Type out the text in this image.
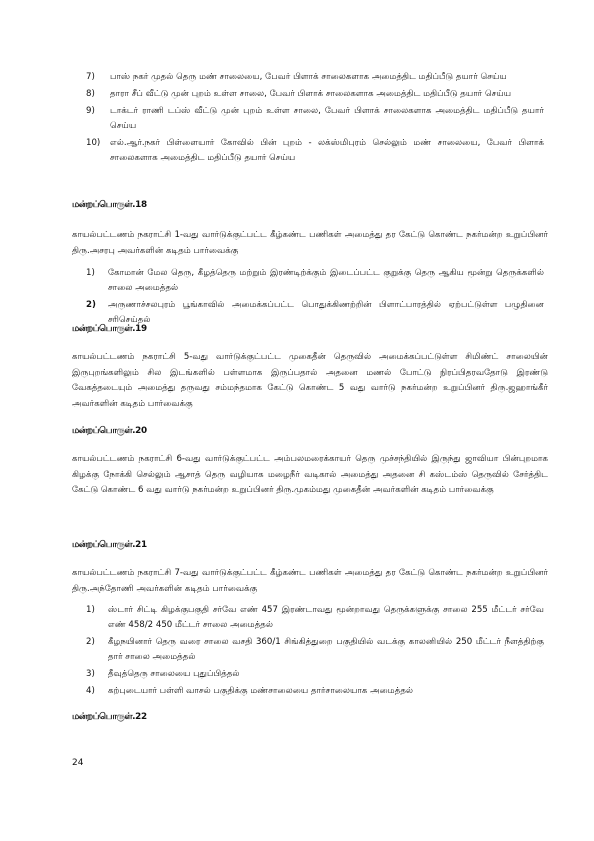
7) பாஸ் நகர் முதல் தெரு மண் சாலையை, பேவர் பிளாக் சாலைகளாக அமைத்திட மதிப்பீடு தயார் செய்ய
8) தாரா சீப் வீட்டு முன் புறம் உள்ள சாலை, பேவர் பிளாக் சாலைகளாக அமைத்திட மதிப்பீடு தயார் செய்ய
9) டாக்டர் ராணி டப்ஸ் வீட்டு முன் புறம் உள்ள சாலை, பேவர் பிளாக் சாலைகளாக அமைத்திட மதிப்பீடு தயார் செய்ய
10) எல்.ஆர்.நகர் பிள்ளையார் கோவில் பின் புறம் - லக்ஸ்மிபுரம் செல்லும் மண் சாலையை, பேவர் பிளாக் சாலைகளாக அமைத்திட மதிப்பீடு தயார் செய்ய
மன்றப்பொருள்.18

காயல்பட்டணம் நகராட்சி 1-வது வார்டுக்குட்பட்ட கீழ்கண்ட பணிகள் அமைத்து தர கேட்டு கொண்ட நகர்மன்ற உறுப்பினர் திரு.அசரபு அவர்களின் கடிதம் பார்வைக்கு

1) கோமான் மேல தெரு, கீழத்தெரு மற்றும் இரண்டிற்க்கும் இடைப்பட்ட குறுக்கு தெரு ஆகிய மூன்று தெருக்களில் சாலை அமைத்தல்
2) அருணாச்சலபுரம் பூங்காவில் அமைக்கப்பட்ட பொதுக்கிணற்றின் பிளாட்பாரத்தில் ஏற்பட்டுள்ள பழுதினை சரிசெய்தல்
மன்றப்பொருள்.19

காயல்பட்டணம் நகராட்சி 5-வது வார்டுக்குட்பட்ட முகைதீன் தெருவில் அமைக்கப்பட்டுள்ள சிமிண்ட் சாலையின் இருபுறங்களிலும் சில இடங்களில் பள்ளமாக இருப்பதால் அதனை மணல் போட்டு நிரப்பிதரவதோடு இரண்டு வேகத்தடையும் அமைத்து தருவது சம்மந்தமாக கேட்டு கொண்ட 5 வது வார்டு நகர்மன்ற உறுப்பினர் திரு.ஜஹாங்கீர் அவர்களின் கடிதம் பார்வைக்கு

மன்றப்பொருள்.20

காயல்பட்டணம் நகராட்சி 6-வது வார்டுக்குட்பட்ட அம்பலமரைக்காயர் தெரு முச்சந்தியில் இருந்து ஜாவியா பின்புறமாக கிழக்கு நோக்கி செல்லும் ஆசாத் தெரு வழியாக மழைநீர் வடிகால் அமைத்து அதனை சி கஸ்டம்ஸ் தெருவில் சேர்த்திட கேட்டு கொண்ட 6 வது வார்டு நகர்மன்ற உறுப்பினர் திரு.முகம்மது முகைதீன் அவர்களின் கடிதம் பார்வைக்கு

மன்றப்பொருள்.21

காயல்பட்டணம் நகராட்சி 7-வது வார்டுக்குட்பட்ட கீழ்கண்ட பணிகள் அமைத்து தர கேட்டு கொண்ட நகர்மன்ற உறுப்பினர் திரு.அந்தோணி அவர்களின் கடிதம் பார்வைக்கு

1) ஸ்டார் சிட்டி கிழக்குபகுதி சர்வே எண் 457 இரண்டாவது மூன்றாவது தெருக்களுக்கு சாலை 255 மீட்டர் சர்வே எண் 458/2 450 மீட்டர் சாலை அமைத்தல்
2) கீழநயினார் தெரு வரை சாலை வசதி 360/1 சிங்கித்துறை பகுதியில் வடக்கு காலனியில் 250 மீட்டர் நீளத்திற்கு தார் சாலை அமைத்தல்
3) தீவுத்தெரு சாலையை புதுப்பித்தல்
4) கற்புடையார் பள்ளி வாசல் பகுதிக்கு மண்சாலையை தார்சாலையாக அமைத்தல்
மன்றப்பொருள்.22
24
